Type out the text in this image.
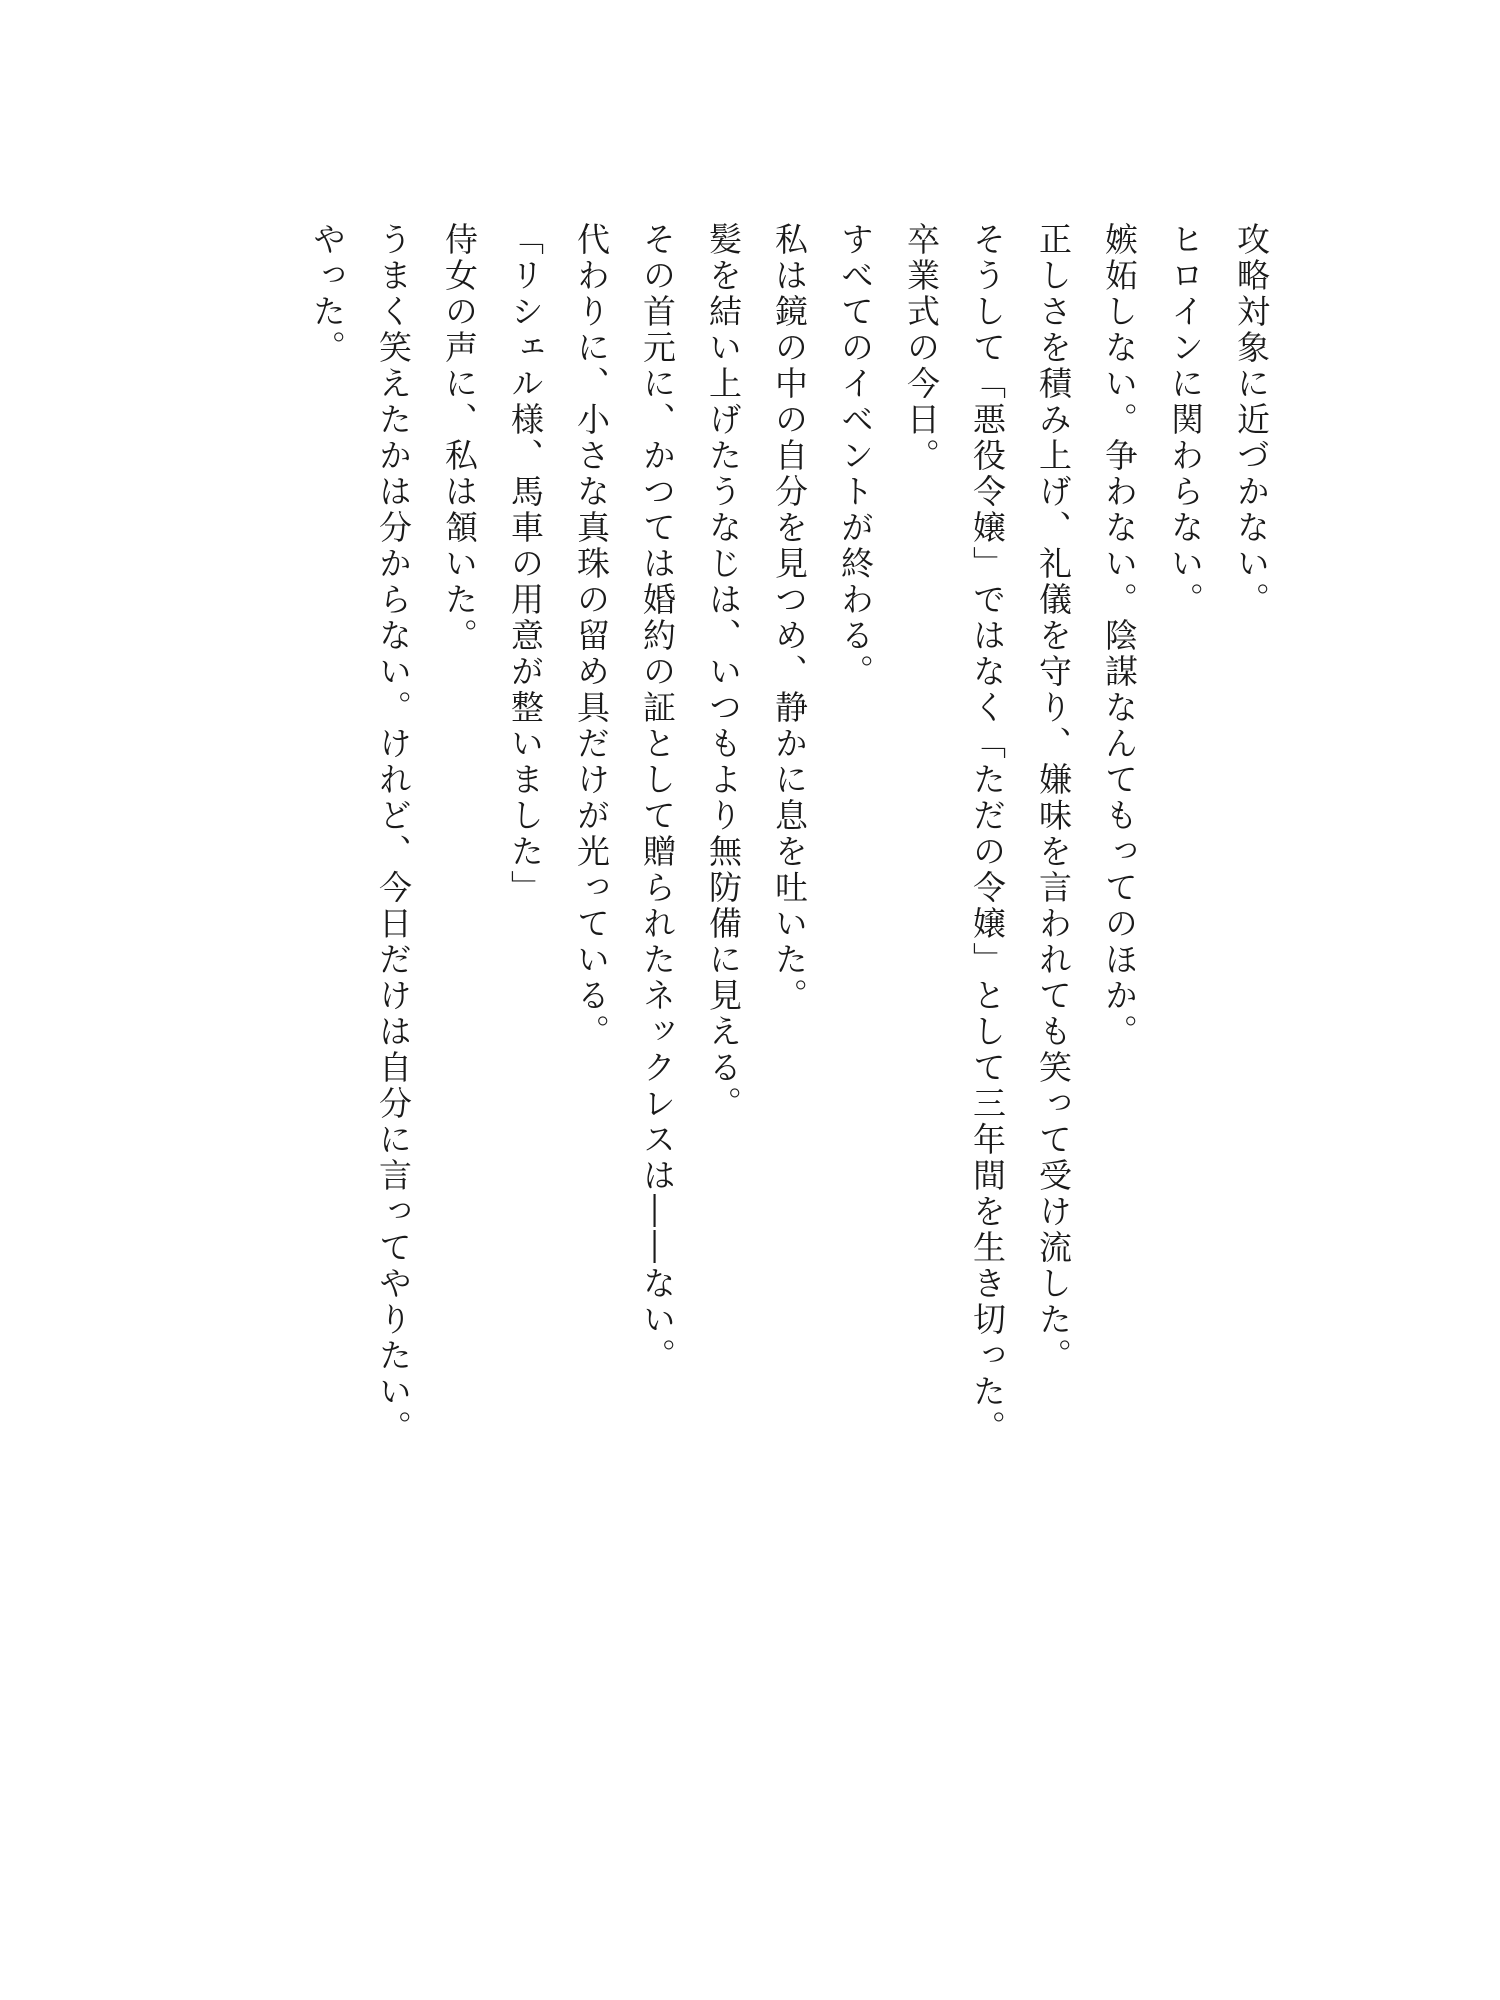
攻略対象に近づかない。

ヒロインに関わらない。

嫉妬しない。争わない。陰謀なんてもってのほか。

正しさを積み上げ、礼儀を守り、嫌味を言われても笑って受け流した。

そうして「悪役令嬢」ではなく「ただの令嬢」として三年間を生き切った。

卒業式の今日。

すべてのイベントが終わる。

私は鏡の中の自分を見つめ、静かに息を吐いた。

髪を結い上げたうなじは、いつもより無防備に見える。

その首元に、かつては婚約の証として贈られたネックレスは――ない。

代わりに、小さな真珠の留め具だけが光っている。

「リシェル様、馬車の用意が整いました」

侍女の声に、私は頷いた。

うまく笑えたかは分からない。けれど、今日だけは自分に言ってやりたい。

やった。
